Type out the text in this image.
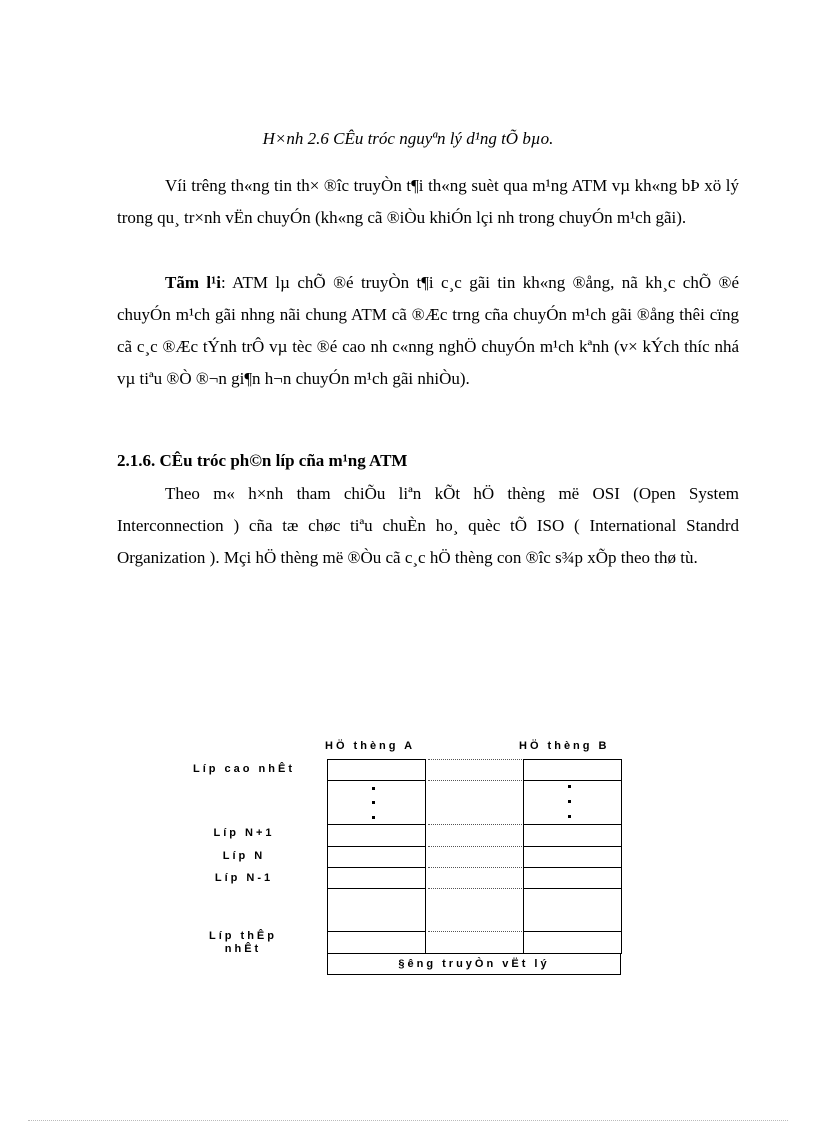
H×nh 2.6 CÊu tróc nguyªn lý d¹ng tÕ bµo.

Víi trêng th«ng tin th× ®îc truyÒn t¶i th«ng suèt qua m¹ng ATM vµ kh«ng bÞ xö lý trong qu¸ tr×nh vËn chuyÓn (kh«ng cã ®iÒu khiÓn lçi nh trong chuyÓn m¹ch gãi).

Tãm l¹i: ATM lµ chÕ ®é truyÒn t¶i c¸c gãi tin kh«ng ®ång, nã kh¸c chÕ ®é chuyÓn m¹ch gãi nhng nãi chung ATM cã ®Æc trng cña chuyÓn m¹ch gãi ®ång thêi cïng cã c¸c ®Æc tÝnh trÔ vµ tèc ®é cao nh c«nng nghÖ chuyÓn m¹ch kªnh (v× kÝch thíc nhá vµ tiªu ®Ò ®¬n gi¶n h¬n chuyÓn m¹ch gãi nhiÒu).

2.1.6. CÊu tróc ph©n líp cña m¹ng ATM

Theo m« h×nh tham chiÕu liªn kÕt hÖ thèng më OSI (Open System Interconnection ) cña tæ chøc tiªu chuÈn ho¸ quèc tÕ ISO ( International Standrd Organization ). Mçi hÖ thèng më ®Òu cã c¸c hÖ thèng con ®îc s¾p xÕp theo thø tù.

HÖ thèng A	HÖ thèng B
Líp cao nhÊt
Líp N+1
Líp N
Líp N-1
Líp thÊp nhÊt
§êng truyÒn vËt lý
